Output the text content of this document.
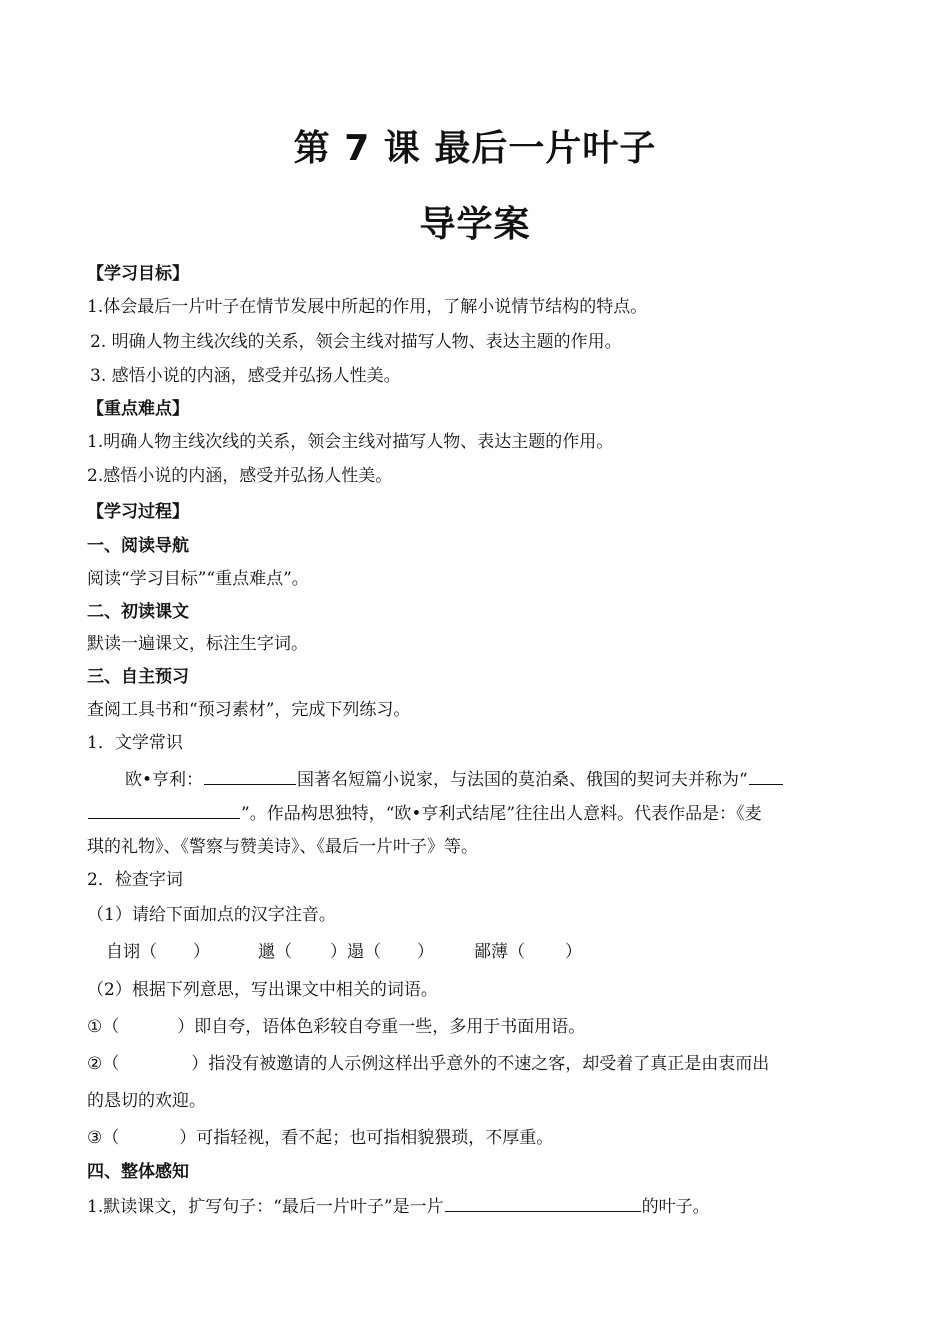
第 7 课 最后一片叶子
导学案
【学习目标】
1.体会最后一片叶子在情节发展中所起的作用，了解小说情节结构的特点。
2. 明确人物主线次线的关系，领会主线对描写人物、表达主题的作用。
3. 感悟小说的内涵，感受并弘扬人性美。
【重点难点】
1.明确人物主线次线的关系，领会主线对描写人物、表达主题的作用。
2.感悟小说的内涵，感受并弘扬人性美。
【学习过程】
一、阅读导航
阅读“学习目标”“重点难点”。
二、初读课文
默读一遍课文，标注生字词。
三、自主预习
查阅工具书和“预习素材”，完成下列练习。
1．文学常识
欧•亨利：	国著名短篇小说家，与法国的莫泊桑、俄国的契诃夫并称为“
”。作品构思独特，“欧•亨利式结尾”往往出人意料。代表作品是：《麦
琪的礼物》、《警察与赞美诗》、《最后一片叶子》等。
2．检查字词
（1）请给下面加点的汉字注音。
自诩（ ）	邋（ ）遢（ ） 鄙薄（ ）
（2）根据下列意思，写出课文中相关的词语。
①（	）即自夸，语体色彩较自夸重一些，多用于书面用语。
②（	）指没有被邀请的人示例这样出乎意外的不速之客，却受着了真正是由衷而出
的恳切的欢迎。
③（	）可指轻视，看不起；也可指相貌猥琐，不厚重。
四、整体感知
1.默读课文，扩写句子：“最后一片叶子”是一片	的叶子。
